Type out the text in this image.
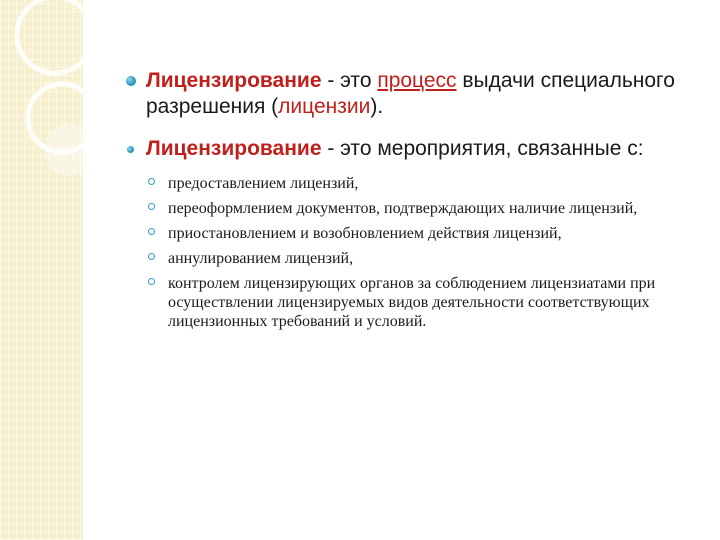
Лицензирование - это процесс выдачи специального разрешения (лицензии).
Лицензирование - это мероприятия, связанные с:
предоставлением лицензий,
переоформлением документов, подтверждающих наличие лицензий,
приостановлением и возобновлением действия лицензий,
аннулированием лицензий,
контролем лицензирующих органов за соблюдением лицензиатами при осуществлении лицензируемых видов деятельности соответствующих лицензионных требований и условий.
